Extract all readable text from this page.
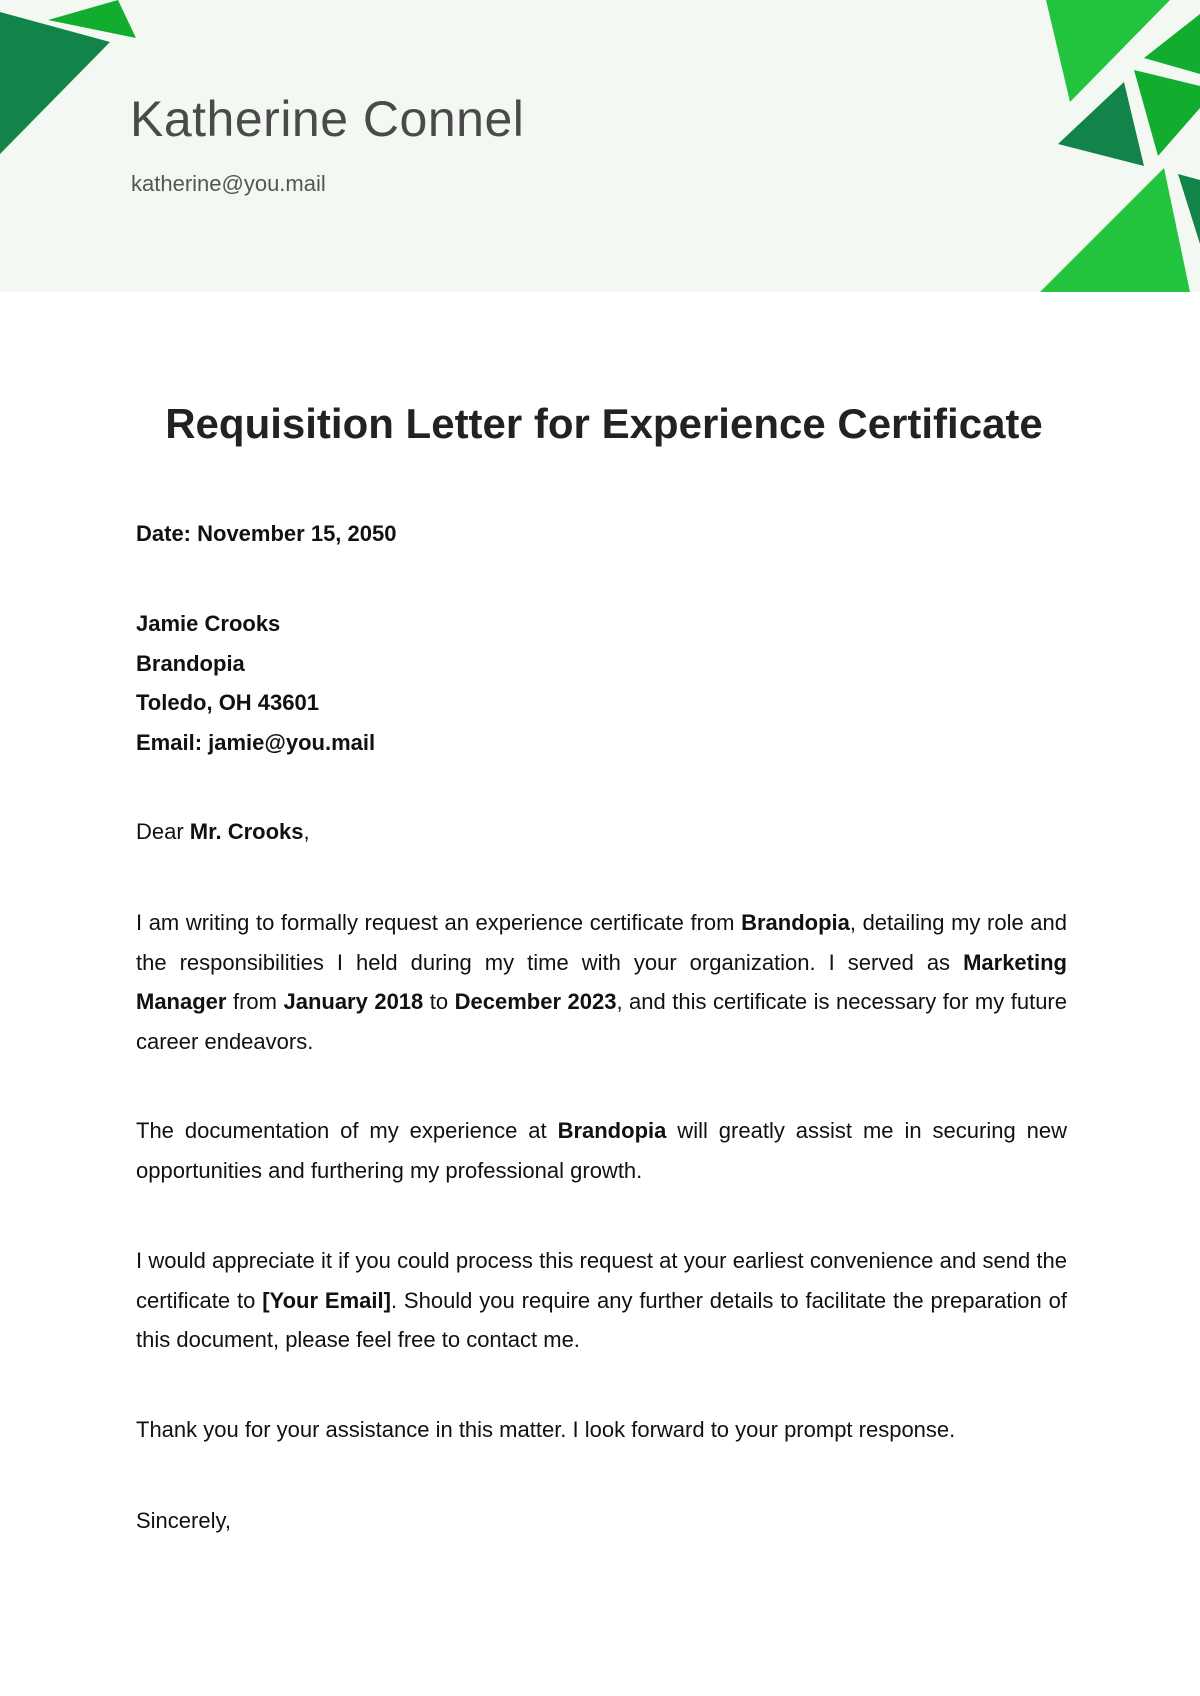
Katherine Connel
katherine@you.mail
Requisition Letter for Experience Certificate
Date: November 15, 2050
Jamie Crooks
Brandopia
Toledo, OH 43601
Email: jamie@you.mail
Dear Mr. Crooks,

I am writing to formally request an experience certificate from Brandopia, detailing my role and the responsibilities I held during my time with your organization. I served as Marketing Manager from January 2018 to December 2023, and this certificate is necessary for my future career endeavors.

The documentation of my experience at Brandopia will greatly assist me in securing new opportunities and furthering my professional growth.

I would appreciate it if you could process this request at your earliest convenience and send the certificate to [Your Email]. Should you require any further details to facilitate the preparation of this document, please feel free to contact me.

Thank you for your assistance in this matter. I look forward to your prompt response.

Sincerely,
